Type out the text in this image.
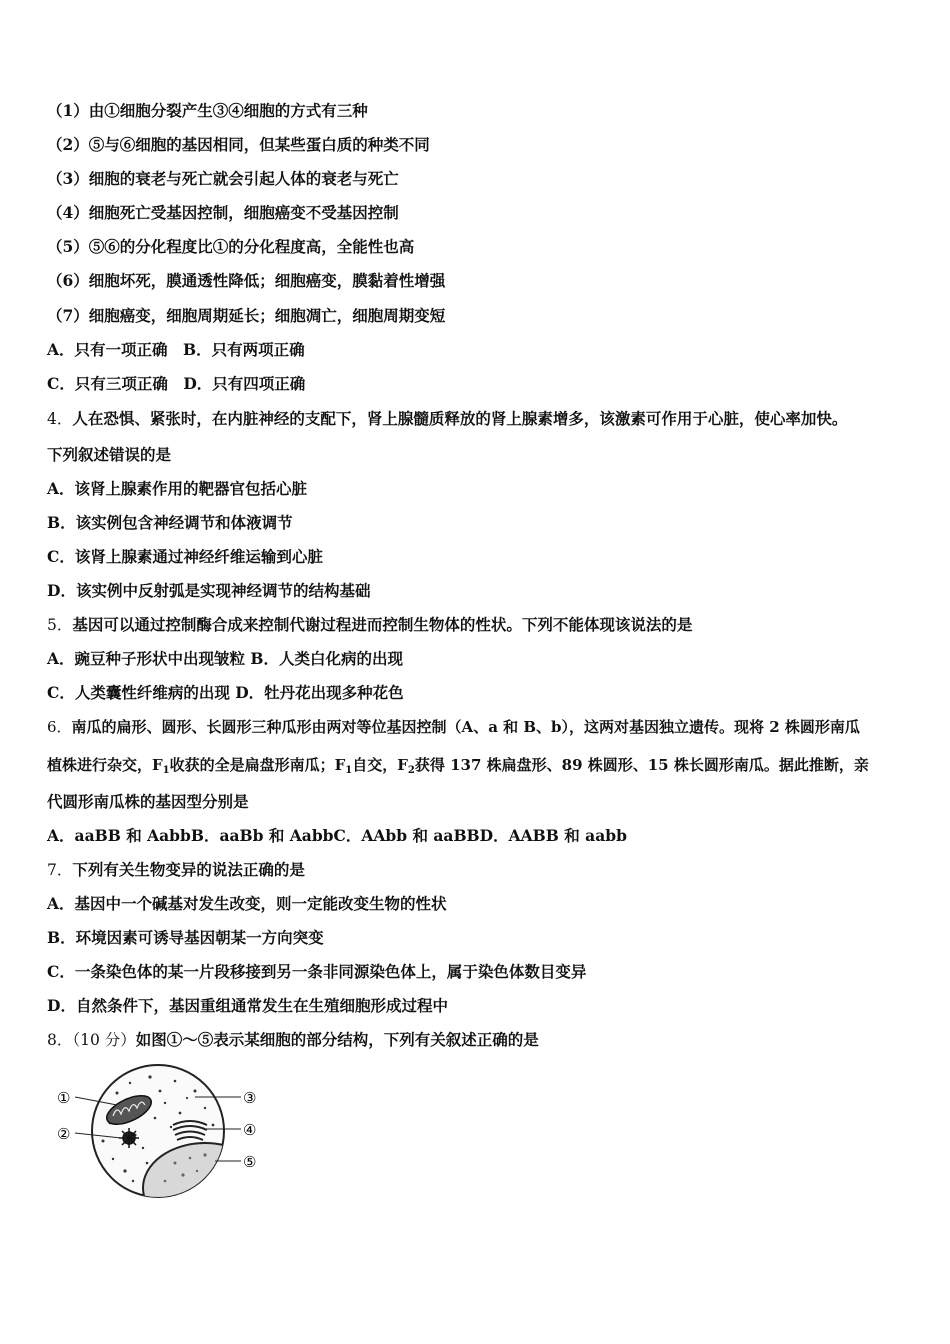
（1）由①细胞分裂产生③④细胞的方式有三种
（2）⑤与⑥细胞的基因相同，但某些蛋白质的种类不同
（3）细胞的衰老与死亡就会引起人体的衰老与死亡
（4）细胞死亡受基因控制，细胞癌变不受基因控制
（5）⑤⑥的分化程度比①的分化程度高，全能性也高
（6）细胞坏死，膜通透性降低；细胞癌变，膜黏着性增强
（7）细胞癌变，细胞周期延长；细胞凋亡，细胞周期变短
A．只有一项正确　B．只有两项正确
C．只有三项正确　D．只有四项正确
4．人在恐惧、紧张时，在内脏神经的支配下，肾上腺髓质释放的肾上腺素增多，该激素可作用于心脏，使心率加快。
下列叙述错误的是
A．该肾上腺素作用的靶器官包括心脏
B．该实例包含神经调节和体液调节
C．该肾上腺素通过神经纤维运输到心脏
D．该实例中反射弧是实现神经调节的结构基础
5．基因可以通过控制酶合成来控制代谢过程进而控制生物体的性状。下列不能体现该说法的是
A．豌豆种子形状中出现皱粒 B．人类白化病的出现
C．人类囊性纤维病的出现 D．牡丹花出现多种花色
6．南瓜的扁形、圆形、长圆形三种瓜形由两对等位基因控制（A、a 和 B、b），这两对基因独立遗传。现将 2 株圆形南瓜
植株进行杂交，$F_1$收获的全是扁盘形南瓜；$F_1$自交，$F_2$获得 137 株扁盘形、89 株圆形、15 株长圆形南瓜。据此推断，亲
代圆形南瓜株的基因型分别是
A．aaBB 和 AabbB．aaBb 和 AabbC．AAbb 和 aaBBD．AABB 和 aabb
7．下列有关生物变异的说法正确的是
A．基因中一个碱基对发生改变，则一定能改变生物的性状
B．环境因素可诱导基因朝某一方向突变
C．一条染色体的某一片段移接到另一条非同源染色体上，属于染色体数目变异
D．自然条件下，基因重组通常发生在生殖细胞形成过程中
8．（10 分）如图①～⑤表示某细胞的部分结构，下列有关叙述正确的是
①
②
③
④
⑤
